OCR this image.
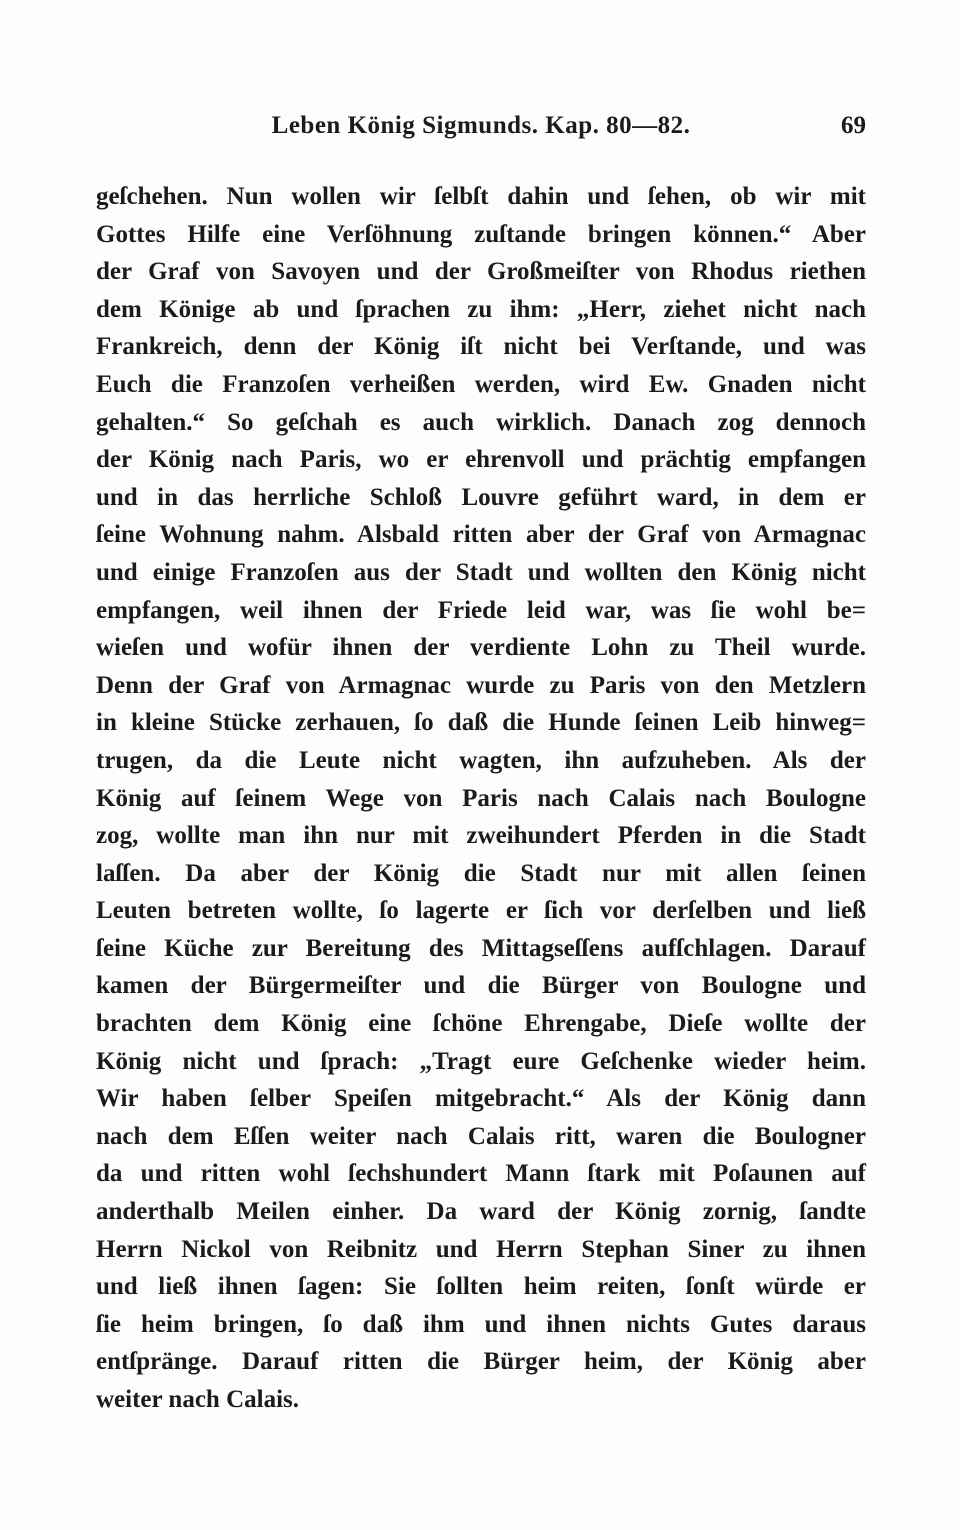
Leben König Sigmunds. Kap. 80—82.	69
geſchehen. Nun wollen wir ſelbſt dahin und ſehen, ob wir mit
Gottes Hilfe eine Verſöhnung zuſtande bringen können.“ Aber
der Graf von Savoyen und der Großmeiſter von Rhodus riethen
dem Könige ab und ſprachen zu ihm: „Herr, ziehet nicht nach
Frankreich, denn der König iſt nicht bei Verſtande, und was
Euch die Franzoſen verheißen werden, wird Ew. Gnaden nicht
gehalten.“ So geſchah es auch wirklich. Danach zog dennoch
der König nach Paris, wo er ehrenvoll und prächtig empfangen
und in das herrliche Schloß Louvre geführt ward, in dem er
ſeine Wohnung nahm. Alsbald ritten aber der Graf von Armagnac
und einige Franzoſen aus der Stadt und wollten den König nicht
empfangen, weil ihnen der Friede leid war, was ſie wohl be=
wieſen und wofür ihnen der verdiente Lohn zu Theil wurde.
Denn der Graf von Armagnac wurde zu Paris von den Metzlern
in kleine Stücke zerhauen, ſo daß die Hunde ſeinen Leib hinweg=
trugen, da die Leute nicht wagten, ihn aufzuheben. Als der
König auf ſeinem Wege von Paris nach Calais nach Boulogne
zog, wollte man ihn nur mit zweihundert Pferden in die Stadt
laſſen. Da aber der König die Stadt nur mit allen ſeinen
Leuten betreten wollte, ſo lagerte er ſich vor derſelben und ließ
ſeine Küche zur Bereitung des Mittagseſſens aufſchlagen. Darauf
kamen der Bürgermeiſter und die Bürger von Boulogne und
brachten dem König eine ſchöne Ehrengabe, Dieſe wollte der
König nicht und ſprach: „Tragt eure Geſchenke wieder heim.
Wir haben ſelber Speiſen mitgebracht.“ Als der König dann
nach dem Eſſen weiter nach Calais ritt, waren die Boulogner
da und ritten wohl ſechshundert Mann ſtark mit Poſaunen auf
anderthalb Meilen einher. Da ward der König zornig, ſandte
Herrn Nickol von Reibnitz und Herrn Stephan Siner zu ihnen
und ließ ihnen ſagen: Sie ſollten heim reiten, ſonſt würde er
ſie heim bringen, ſo daß ihm und ihnen nichts Gutes daraus
entſpränge. Darauf ritten die Bürger heim, der König aber
weiter nach Calais.
